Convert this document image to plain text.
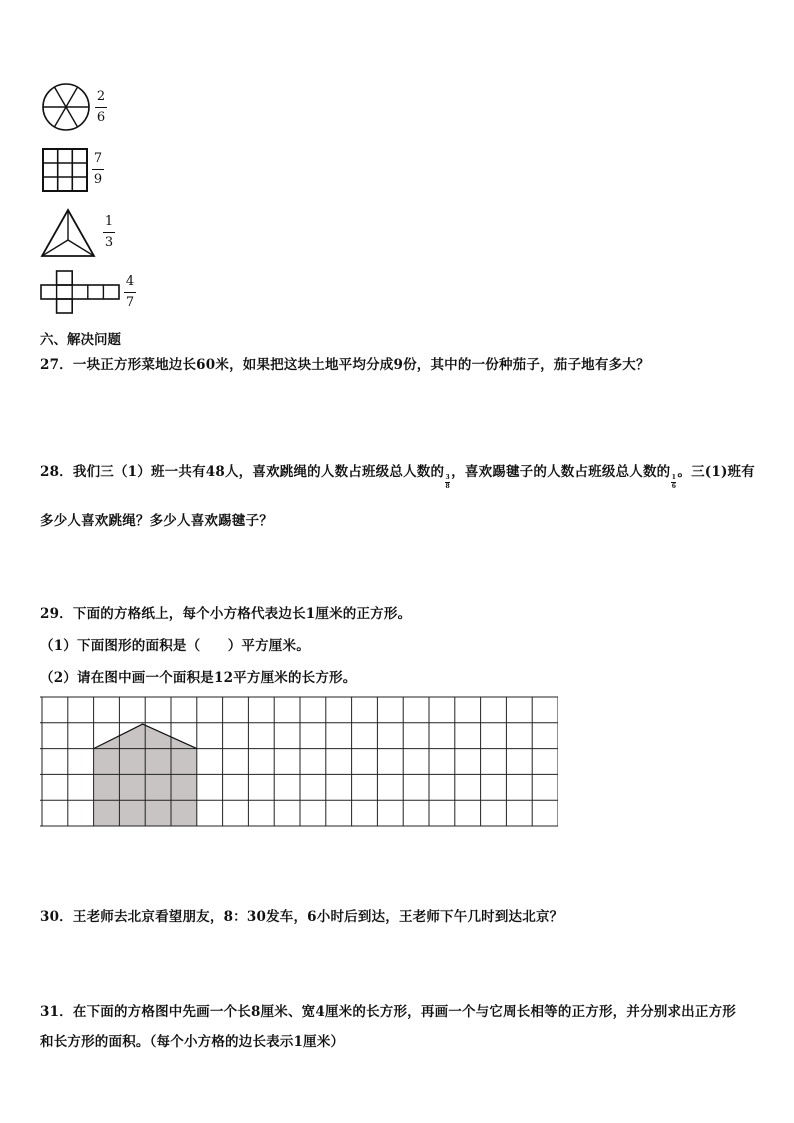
2
6
7
9
1
3
4
7
六、解决问题
27．一块正方形菜地边长60米，如果把这块土地平均分成9份，其中的一份种茄子，茄子地有多大？
28．我们三（1）班一共有48人，喜欢跳绳的人数占班级总人数的
$\frac{3}{8}$
，喜欢踢毽子的人数占班级总人数的
$\frac{1}{6}$
。三(1)班有
多少人喜欢跳绳？多少人喜欢踢毽子？
29．下面的方格纸上，每个小方格代表边长1厘米的正方形。
（1）下面图形的面积是（　　）平方厘米。
（2）请在图中画一个面积是12平方厘米的长方形。
30．王老师去北京看望朋友，8：30发车，6小时后到达，王老师下午几时到达北京？
31．在下面的方格图中先画一个长8厘米、宽4厘米的长方形，再画一个与它周长相等的正方形，并分别求出正方形
和长方形的面积。（每个小方格的边长表示1厘米）
